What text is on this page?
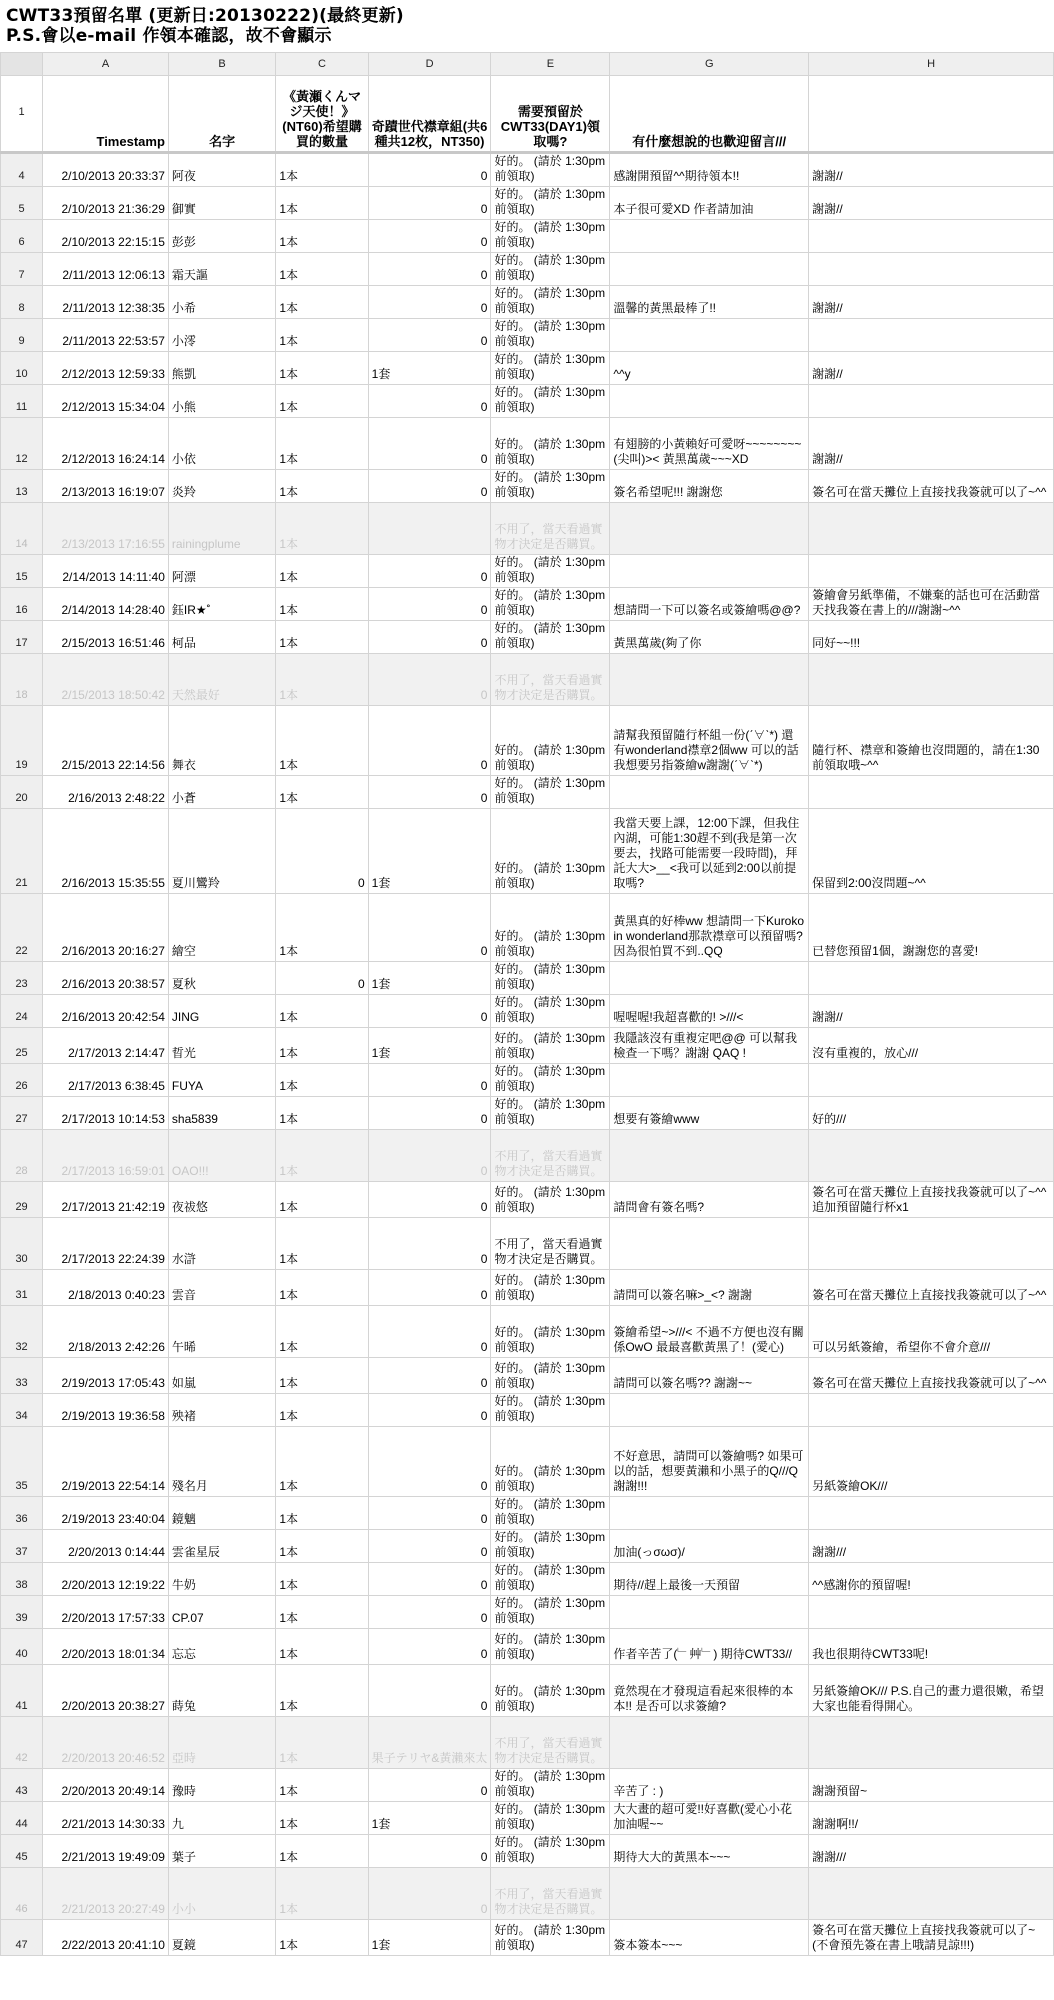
CWT33預留名單 (更新日:20130222)(最終更新)
P.S.會以e-mail 作領本確認，故不會顯示
	A	B	C	D	E	G	H
1	Timestamp	名字	《黃瀬くんマジ天使！》(NT60)希望購買的數量	奇蹟世代襟章組(共6種共12枚，NT350)	需要預留於CWT33(DAY1)領取嗎?	有什麼想說的也歡迎留言///	
4	2/10/2013 20:33:37	阿夜	1本	0	好的。 (請於 1:30pm前領取)	感謝開預留^^期待領本!!	謝謝//
5	2/10/2013 21:36:29	御實	1本	0	好的。 (請於 1:30pm前領取)	本子很可愛XD 作者請加油	謝謝//
6	2/10/2013 22:15:15	彭彭	1本	0	好的。 (請於 1:30pm前領取)		
7	2/11/2013 12:06:13	霜天謳	1本	0	好的。 (請於 1:30pm前領取)		
8	2/11/2013 12:38:35	小希	1本	0	好的。 (請於 1:30pm前領取)	溫馨的黃黑最棒了!!	謝謝//
9	2/11/2013 22:53:57	小澪	1本	0	好的。 (請於 1:30pm前領取)		
10	2/12/2013 12:59:33	熊凱	1本	1套	好的。 (請於 1:30pm前領取)	^^y	謝謝//
11	2/12/2013 15:34:04	小熊	1本	0	好的。 (請於 1:30pm前領取)		
12	2/12/2013 16:24:14	小依	1本	0	好的。 (請於 1:30pm前領取)	有翅膀的小黃賴好可愛呀~~~~~~~~(尖叫)>< 黃黑萬歲~~~XD	謝謝//
13	2/13/2013 16:19:07	炎羚	1本	0	好的。 (請於 1:30pm前領取)	簽名希望呢!!! 謝謝您	簽名可在當天攤位上直接找我簽就可以了~^^
14	2/13/2013 17:16:55	rainingplume	1本		不用了，當天看過實物才決定是否購買。		
15	2/14/2013 14:11:40	阿漂	1本	0	好的。 (請於 1:30pm前領取)		
16	2/14/2013 14:28:40	鈺IR★˚	1本	0	好的。 (請於 1:30pm前領取)	想請問一下可以簽名或簽繪嗎@@?	簽繪會另紙準備，不嫌棄的話也可在活動當天找我簽在書上的///謝謝~^^
17	2/15/2013 16:51:46	柯品	1本	0	好的。 (請於 1:30pm前領取)	黃黑萬歲(夠了你	同好~~!!!
18	2/15/2013 18:50:42	天然最好	1本	0	不用了，當天看過實物才決定是否購買。		
19	2/15/2013 22:14:56	舞衣	1本	0	好的。 (請於 1:30pm前領取)	請幫我預留隨行杯組一份(ˊ∀ˋ*) 還有wonderland襟章2個ww 可以的話我想要另指簽繪w謝謝(ˊ∀ˋ*)	隨行杯、襟章和簽繪也沒問題的，請在1:30前領取哦~^^
20	2/16/2013 2:48:22	小蒼	1本	0	好的。 (請於 1:30pm前領取)		
21	2/16/2013 15:35:55	夏川鸞羚	0	1套	好的。 (請於 1:30pm前領取)	我當天要上課，12:00下課，但我住內湖，可能1:30趕不到(我是第一次要去，找路可能需要一段時間)，拜託大大>__<我可以延到2:00以前提取嗎?	保留到2:00沒問題~^^
22	2/16/2013 20:16:27	繪空	1本	0	好的。 (請於 1:30pm前領取)	黃黑真的好棒ww 想請問一下Kuroko in wonderland那款襟章可以預留嗎? 因為很怕買不到..QQ	已替您預留1個，謝謝您的喜愛!
23	2/16/2013 20:38:57	夏秋	0	1套	好的。 (請於 1:30pm前領取)		
24	2/16/2013 20:42:54	JING	1本	0	好的。 (請於 1:30pm前領取)	喔喔喔!我超喜歡的! >///<	謝謝//
25	2/17/2013 2:14:47	晢光	1本	1套	好的。 (請於 1:30pm前領取)	我隱該沒有重複定吧@@ 可以幫我檢查一下嗎？謝謝 QAQ !	沒有重複的，放心///
26	2/17/2013 6:38:45	FUYA	1本	0	好的。 (請於 1:30pm前領取)		
27	2/17/2013 10:14:53	sha5839	1本	0	好的。 (請於 1:30pm前領取)	想要有簽繪www	好的///
28	2/17/2013 16:59:01	OAO!!!	1本	0	不用了，當天看過實物才決定是否購買。		
29	2/17/2013 21:42:19	夜祓悠	1本	0	好的。 (請於 1:30pm前領取)	請問會有簽名嗎?	簽名可在當天攤位上直接找我簽就可以了~^^ 追加預留隨行杯x1
30	2/17/2013 22:24:39	水滸	1本	0	不用了，當天看過實物才決定是否購買。		
31	2/18/2013 0:40:23	雲音	1本	0	好的。 (請於 1:30pm前領取)	請問可以簽名嘛>_<? 謝謝	簽名可在當天攤位上直接找我簽就可以了~^^
32	2/18/2013 2:42:26	午晞	1本	0	好的。 (請於 1:30pm前領取)	簽繪希望~>///< 不過不方便也沒有關係OwO 最最喜歡黃黑了！(愛心)	可以另紙簽繪，希望你不會介意///
33	2/19/2013 17:05:43	如嵐	1本	0	好的。 (請於 1:30pm前領取)	請問可以簽名嗎?? 謝謝~~	簽名可在當天攤位上直接找我簽就可以了~^^
34	2/19/2013 19:36:58	殃褚	1本	0	好的。 (請於 1:30pm前領取)		
35	2/19/2013 22:54:14	殘名月	1本	0	好的。 (請於 1:30pm前領取)	不好意思，請問可以簽繪嗎? 如果可以的話，想要黃瀨和小黑子的Q///Q 謝謝!!!	另紙簽繪OK///
36	2/19/2013 23:40:04	鏡魑	1本	0	好的。 (請於 1:30pm前領取)		
37	2/20/2013 0:14:44	雲雀星辰	1本	0	好的。 (請於 1:30pm前領取)	加油(っσωσ)/	謝謝///
38	2/20/2013 12:19:22	牛奶	1本	0	好的。 (請於 1:30pm前領取)	期待//趕上最後一天預留	^^感謝你的預留喔!
39	2/20/2013 17:57:33	CP.07	1本	0	好的。 (請於 1:30pm前領取)		
40	2/20/2013 18:01:34	忘忘	1本	0	好的。 (請於 1:30pm前領取)	作者辛苦了(﹂艸﹂) 期待CWT33//	我也很期待CWT33呢!
41	2/20/2013 20:38:27	蒔兔	1本	0	好的。 (請於 1:30pm前領取)	竟然現在才發現這看起來很棒的本本!! 是否可以求簽繪?	另紙簽繪OK/// P.S.自己的畫力還很嫩，希望大家也能看得開心。
42	2/20/2013 20:46:52	亞時	1本	果子テリヤ&黃瀨來太	不用了，當天看過實物才決定是否購買。		
43	2/20/2013 20:49:14	豫時	1本	0	好的。 (請於 1:30pm前領取)	辛苦了 : )	謝謝預留~
44	2/21/2013 14:30:33	九	1本	1套	好的。 (請於 1:30pm前領取)	大大畫的超可愛!!好喜歡(愛心小花 加油喔~~	謝謝啊!!/
45	2/21/2013 19:49:09	葉子	1本	0	好的。 (請於 1:30pm前領取)	期待大大的黃黑本~~~	謝謝///
46	2/21/2013 20:27:49	小小	1本	0	不用了，當天看過實物才決定是否購買。		
47	2/22/2013 20:41:10	夏鏡	1本	1套	好的。 (請於 1:30pm前領取)	簽本簽本~~~	簽名可在當天攤位上直接找我簽就可以了~ (不會預先簽在書上哦請見諒!!!)
